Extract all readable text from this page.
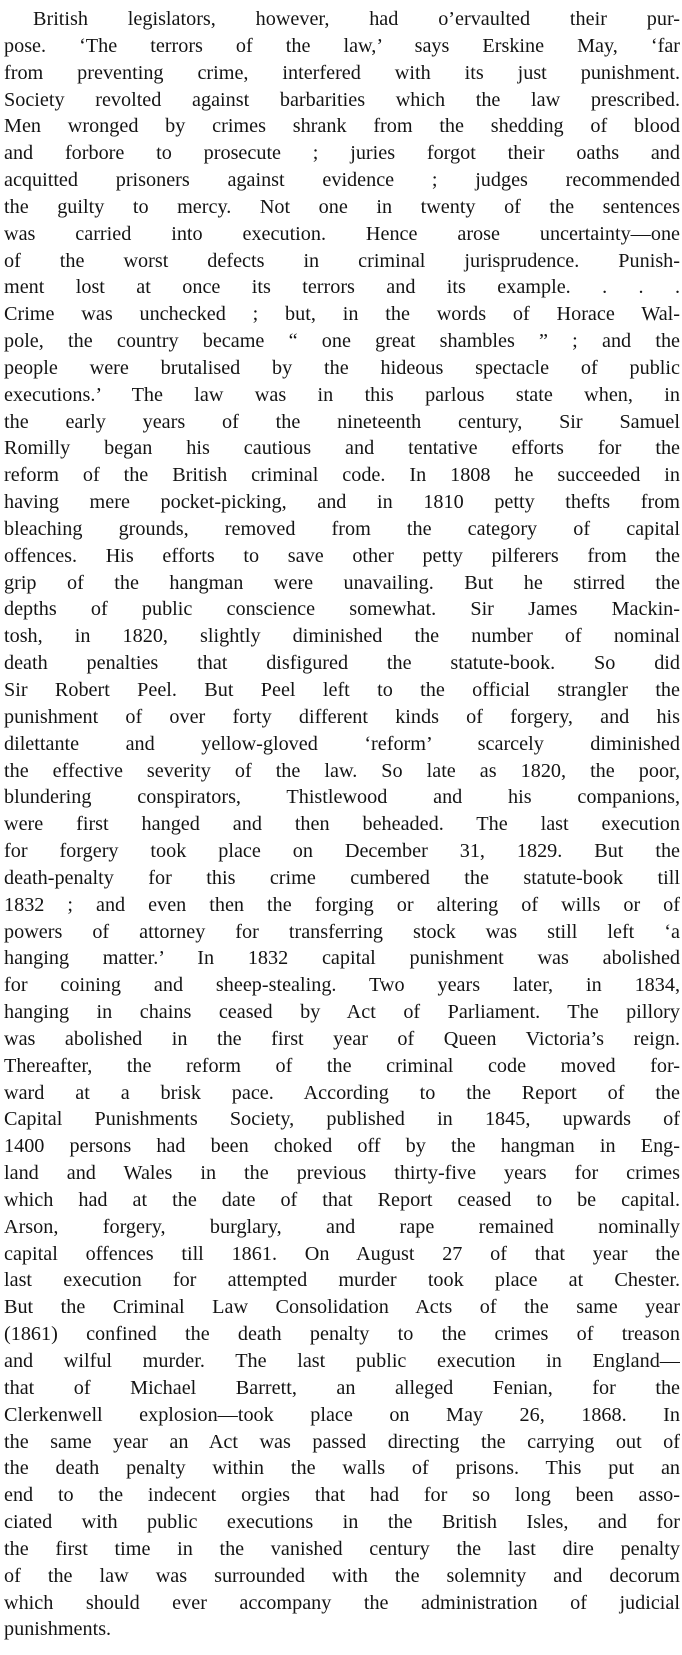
British legislators, however, had o’ervaulted their pur-
pose. ‘The terrors of the law,’ says Erskine May, ‘far
from preventing crime, interfered with its just punishment.
Society revolted against barbarities which the law prescribed.
Men wronged by crimes shrank from the shedding of blood
and forbore to prosecute ; juries forgot their oaths and
acquitted prisoners against evidence ; judges recommended
the guilty to mercy. Not one in twenty of the sentences
was carried into execution. Hence arose uncertainty—one
of the worst defects in criminal jurisprudence. Punish-
ment lost at once its terrors and its example. . . .
Crime was unchecked ; but, in the words of Horace Wal-
pole, the country became “ one great shambles ” ; and the
people were brutalised by the hideous spectacle of public
executions.’ The law was in this parlous state when, in
the early years of the nineteenth century, Sir Samuel
Romilly began his cautious and tentative efforts for the
reform of the British criminal code. In 1808 he succeeded in
having mere pocket-picking, and in 1810 petty thefts from
bleaching grounds, removed from the category of capital
offences. His efforts to save other petty pilferers from the
grip of the hangman were unavailing. But he stirred the
depths of public conscience somewhat. Sir James Mackin-
tosh, in 1820, slightly diminished the number of nominal
death penalties that disfigured the statute-book. So did
Sir Robert Peel. But Peel left to the official strangler the
punishment of over forty different kinds of forgery, and his
dilettante and yellow-gloved ‘reform’ scarcely diminished
the effective severity of the law. So late as 1820, the poor,
blundering conspirators, Thistlewood and his companions,
were first hanged and then beheaded. The last execution
for forgery took place on December 31, 1829. But the
death-penalty for this crime cumbered the statute-book till
1832 ; and even then the forging or altering of wills or of
powers of attorney for transferring stock was still left ‘a
hanging matter.’ In 1832 capital punishment was abolished
for coining and sheep-stealing. Two years later, in 1834,
hanging in chains ceased by Act of Parliament. The pillory
was abolished in the first year of Queen Victoria’s reign.
Thereafter, the reform of the criminal code moved for-
ward at a brisk pace. According to the Report of the
Capital Punishments Society, published in 1845, upwards of
1400 persons had been choked off by the hangman in Eng-
land and Wales in the previous thirty-five years for crimes
which had at the date of that Report ceased to be capital.
Arson, forgery, burglary, and rape remained nominally
capital offences till 1861. On August 27 of that year the
last execution for attempted murder took place at Chester.
But the Criminal Law Consolidation Acts of the same year
(1861) confined the death penalty to the crimes of treason
and wilful murder. The last public execution in England—
that of Michael Barrett, an alleged Fenian, for the
Clerkenwell explosion—took place on May 26, 1868. In
the same year an Act was passed directing the carrying out of
the death penalty within the walls of prisons. This put an
end to the indecent orgies that had for so long been asso-
ciated with public executions in the British Isles, and for
the first time in the vanished century the last dire penalty
of the law was surrounded with the solemnity and decorum
which should ever accompany the administration of judicial
punishments.
